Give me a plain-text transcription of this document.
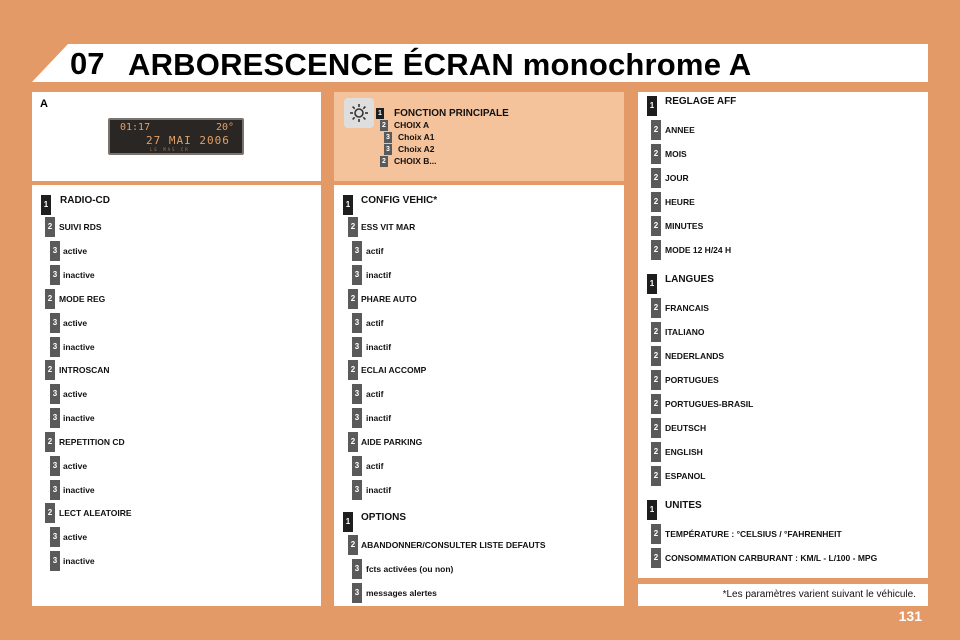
07 ARBORESCENCE ÉCRAN monochrome A
A
01:17	20°
27 MAI 2006
LE MAS CR
1 FONCTION PRINCIPALE
2 CHOIX A
3 Choix A1
3 Choix A2
2 CHOIX B...
1 RADIO-CD
2 SUIVI RDS
3 active
3 inactive
2 MODE REG
3 active
3 inactive
2 INTROSCAN
3 active
3 inactive
2 REPETITION CD
3 active
3 inactive
2 LECT ALEATOIRE
3 active
3 inactive
1 CONFIG VEHIC*
2 ESS VIT MAR
3 actif
3 inactif
2 PHARE AUTO
3 actif
3 inactif
2 ECLAI ACCOMP
3 actif
3 inactif
2 AIDE PARKING
3 actif
3 inactif
1 OPTIONS
2 ABANDONNER/CONSULTER LISTE DEFAUTS
3 fcts activées (ou non)
3 messages alertes
1 REGLAGE AFF
2 ANNEE
2 MOIS
2 JOUR
2 HEURE
2 MINUTES
2 MODE 12 H/24 H
1 LANGUES
2 FRANCAIS
2 ITALIANO
2 NEDERLANDS
2 PORTUGUES
2 PORTUGUES-BRASIL
2 DEUTSCH
2 ENGLISH
2 ESPANOL
1 UNITES
2 TEMPÉRATURE : °CELSIUS / °FAHRENHEIT
2 CONSOMMATION CARBURANT : KM/L - L/100 - MPG
*Les paramètres varient suivant le véhicule.
131
